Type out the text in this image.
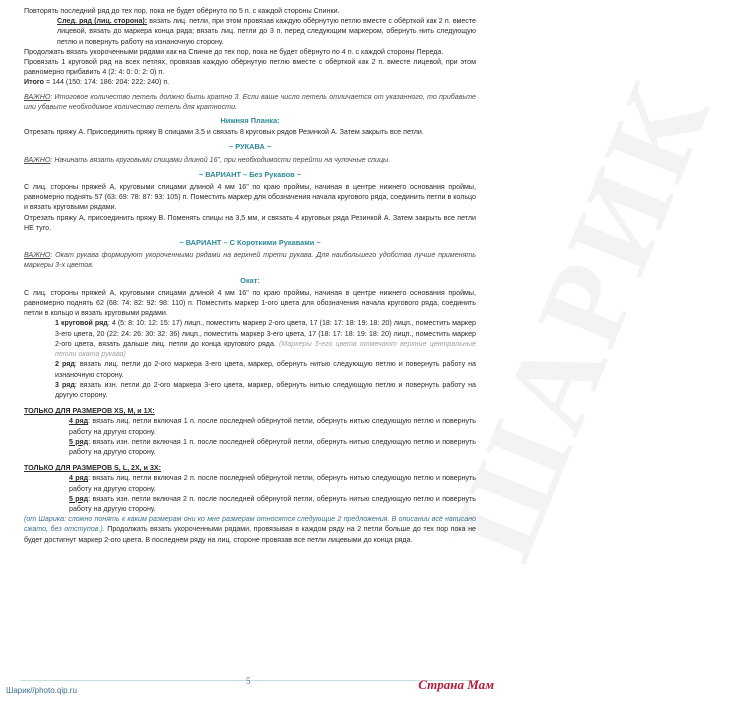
ШАРИК

Повторять последний ряд до тех пор, пока не будет обёрнуто по 5 п. с каждой стороны Спинки.

След. ряд (лиц. сторона): вязать лиц. петли, при этом провязав каждую обёрнутую петлю вместе с обёрткой как 2 п. вместе лицевой, вязать до маркера конца ряда; вязать лиц. петли до 3 п. перед следующим маркером, обернуть нить следующую петлю и повернуть работу на изнаночную сторону.

Продолжать вязать укороченными рядами как на Спинке до тех пор, пока не будет обёрнуто по 4 п. с каждой стороны Переда.

Провязать 1 круговой ряд на всех петлях, провязав каждую обёрнутую петлю вместе с обёрткой как 2 п. вместе лицевой, при этом равномерно прибавить 4 (2: 4: 0: 0: 2: 0) п.

Итого = 144 (150: 174: 186: 204: 222: 240) п.

ВАЖНО: Итоговое количество петель должно быть кратно 3. Если ваше число петель отличается от указанного, то прибавьте или убавьте необходимое количество петель для кратности.

Нижняя Планка:

Отрезать пряжу A. Присоединить пряжу B спицами 3,5 и связать 8 круговых рядов Резинкой A. Затем закрыть все петли.

~ РУКАВА ~

ВАЖНО: Начинать вязать круговыми спицами длиной 16", при необходимости перейти на чулочные спицы.

~ ВАРИАНТ – Без Рукавов ~

С лиц. стороны пряжей A, круговыми спицами длиной 4 мм 16" по краю проймы, начиная в центре нижнего основания проймы, равномерно поднять 57 (63: 69: 78: 87: 93: 105) п. Поместить маркер для обозначения начала кругового ряда, соединить петли в кольцо и вязать круговыми рядами.

Отрезать пряжу A, присоединить пряжу B. Поменять спицы на 3,5 мм, и связать 4 круговых ряда Резинкой A. Затем закрыть все петли НЕ туго.

~ ВАРИАНТ – С Короткими Рукавами ~

ВАЖНО: Окат рукава формируют укороченными рядами на верхней трети рукава. Для наибольшего удобства лучше применять маркеры 3-х цветов.

Окат:

С лиц. стороны пряжей A, круговыми спицами длиной 4 мм 16" по краю проймы, начиная в центре нижнего основания проймы, равномерно поднять 62 (68: 74: 82: 92: 98: 110) п. Поместить маркер 1-ого цвета для обозначения начала кругового ряда, соединить петли в кольцо и вязать круговыми рядами.

1 круговой ряд: 4 (5: 8: 10: 12: 15: 17) лицп., поместить маркер 2-ого цвета, 17 (18: 17: 18: 19: 18: 20) лицп., поместить маркер 3-его цвета, 20 (22: 24: 26: 30: 32: 36) лицп., поместить маркер 3-его цвета, 17 (18: 17: 18: 19: 18: 20) лицп., поместить маркер 2-ого цвета, вязать дальше лиц. петли до конца кругового ряда. (Маркеры 3-его цвета отмечают верхние центральные петли оката рукава)

2 ряд: вязать лиц. петли до 2-ого маркера 3-его цвета, маркер, обернуть нитью следующую петлю и повернуть работу на изнаночную сторону.

3 ряд: вязать изн. петли до 2-ого маркера 3-его цвета, маркер, обернуть нитью следующую петлю и повернуть работу на другую сторону.

ТОЛЬКО ДЛЯ РАЗМЕРОВ XS, M, и 1X:

4 ряд: вязать лиц. петли включая 1 п. после последней обёрнутой петли, обернуть нитью следующую петлю и повернуть работу на другую сторону.

5 ряд: вязать изн. петли включая 1 п. после последней обёрнутой петли, обернуть нитью следующую петлю и повернуть работу на другую сторону.

ТОЛЬКО ДЛЯ РАЗМЕРОВ S, L, 2X, и 3X:

4 ряд: вязать лиц. петли включая 2 п. после последней обёрнутой петли, обернуть нитью следующую петлю и повернуть работу на другую сторону.

5 ряд: вязать изн. петли включая 2 п. после последней обёрнутой петли, обернуть нитью следующую петлю и повернуть работу на другую сторону.

(от Шарика: сложно понять к каким размерам они ко мне размерам относятся следующие 2 предложения. В описании всё написано сжато, без отступов.). Продолжать вязать укороченными рядами, провязывая в каждом ряду на 2 петли больше до тех пор пока не будет достигнут маркер 2-ого цвета. В последнем ряду на лиц. стороне провязав все петли лицевыми до конца ряда.

Шарик//photo.qip.ru
5	Страна Мам
